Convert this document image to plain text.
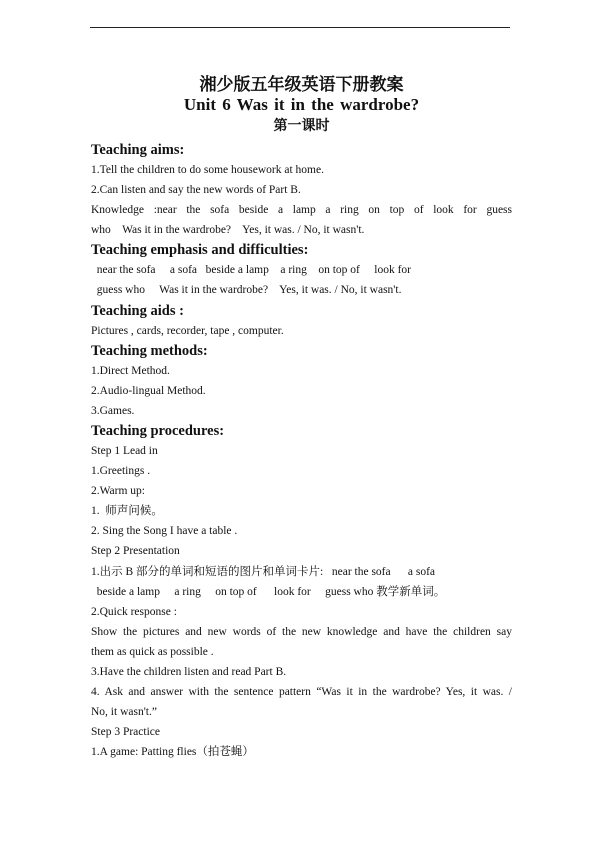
湘少版五年级英语下册教案
Unit 6 Was it in the wardrobe?
第一课时
Teaching aims:
1.Tell the children to do some housework at home.
2.Can listen and say the new words of Part B.
Knowledge :near the sofa beside a lamp a ring on top of look for guess
who    Was it in the wardrobe?    Yes, it was. / No, it wasn't.
Teaching emphasis and difficulties:
near the sofa     a sofa   beside a lamp    a ring    on top of     look for
guess who     Was it in the wardrobe?    Yes, it was. / No, it wasn't.
Teaching aids :
Pictures , cards, recorder, tape , computer.
Teaching methods:
1.Direct Method.
2.Audio-lingual Method.
3.Games.
Teaching procedures:
Step 1 Lead in
1.Greetings .
2.Warm up:
1.  师声问候。
2. Sing the Song I have a table .
Step 2 Presentation
1.出示 B 部分的单词和短语的图片和单词卡片:   near the sofa      a sofa
beside a lamp     a ring     on top of      look for     guess who 教学新单词。
2.Quick response :
Show the pictures and new words of the new knowledge and have the children say
them as quick as possible .
3.Have the children listen and read Part B.
4. Ask and answer with the sentence pattern “Was it in the wardrobe? Yes, it was. /
No, it wasn't.”
Step 3 Practice
1.A game: Patting flies（拍苍蝇）
